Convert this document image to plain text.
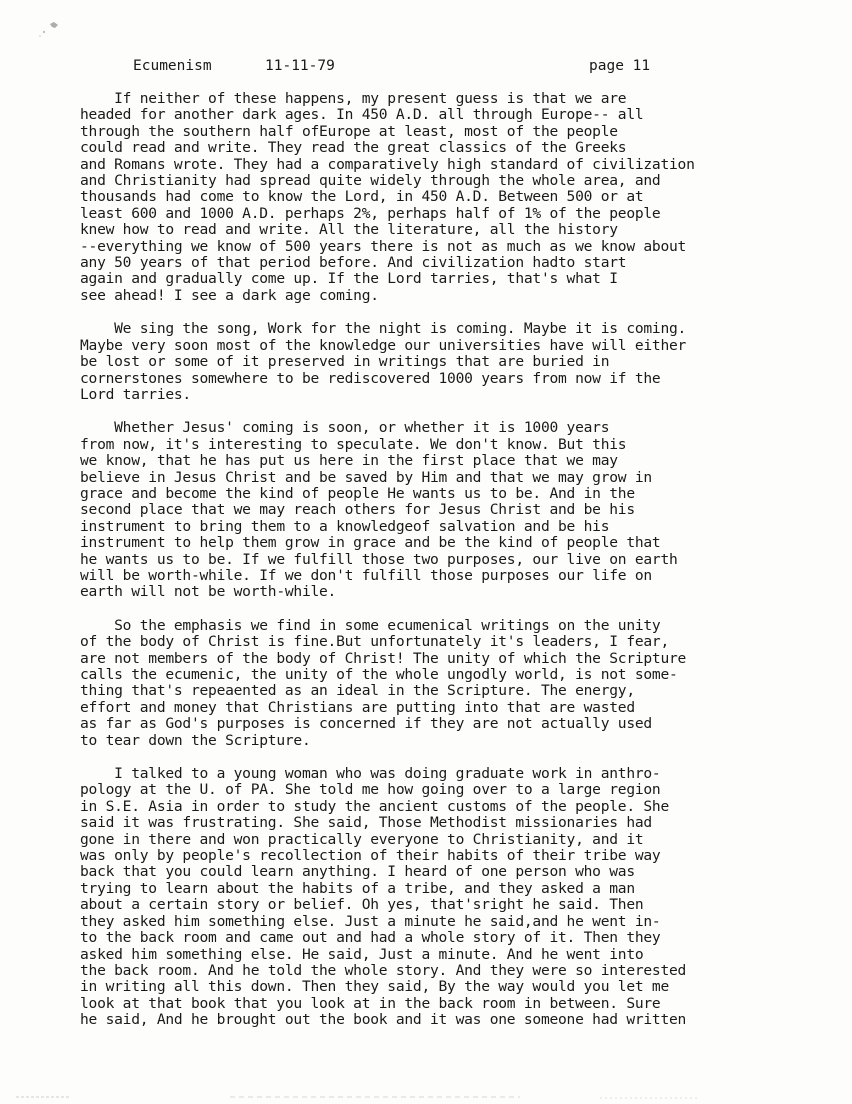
Ecumenism

	11-11-79

	page 11

If neither of these happens, my present guess is that we are
headed for another dark ages. In 450 A.D. all through Europe-- all
through the southern half ofEurope at least, most of the people
could read and write. They read the great classics of the Greeks
and Romans wrote. They had a comparatively high standard of civilization
and Christianity had spread quite widely through the whole area, and
thousands had come to know the Lord, in 450 A.D. Between 500 or at
least 600 and 1000 A.D. perhaps 2%, perhaps half of 1% of the people
knew how to read and write. All the literature, all the history
--everything we know of 500 years there is not as much as we know about
any 50 years of that period before. And civilization hadto start
again and gradually come up. If the Lord tarries, that's what I
see ahead! I see a dark age coming.
We sing the song, Work for the night is coming. Maybe it is coming.
Maybe very soon most of the knowledge our universities have will either
be lost or some of it preserved in writings that are buried in
cornerstones somewhere to be rediscovered 1000 years from now if the
Lord tarries.
Whether Jesus' coming is soon, or whether it is 1000 years
from now, it's interesting to speculate. We don't know. But this
we know, that he has put us here in the first place that we may
believe in Jesus Christ and be saved by Him and that we may grow in
grace and become the kind of people He wants us to be. And in the
second place that we may reach others for Jesus Christ and be his
instrument to bring them to a knowledgeof salvation and be his
instrument to help them grow in grace and be the kind of people that
he wants us to be. If we fulfill those two purposes, our live on earth
will be worth-while. If we don't fulfill those purposes our life on
earth will not be worth-while.
So the emphasis we find in some ecumenical writings on the unity
of the body of Christ is fine.But unfortunately it's leaders, I fear,
are not members of the body of Christ! The unity of which the Scripture
calls the ecumenic, the unity of the whole ungodly world, is not some-
thing that's repeaented as an ideal in the Scripture. The energy,
effort and money that Christians are putting into that are wasted
as far as God's purposes is concerned if they are not actually used
to tear down the Scripture.
I talked to a young woman who was doing graduate work in anthro-
pology at the U. of PA. She told me how going over to a large region
in S.E. Asia in order to study the ancient customs of the people. She
said it was frustrating. She said, Those Methodist missionaries had
gone in there and won practically everyone to Christianity, and it
was only by people's recollection of their habits of their tribe way
back that you could learn anything. I heard of one person who was
trying to learn about the habits of a tribe, and they asked a man
about a certain story or belief. Oh yes, that'sright he said. Then
they asked him something else. Just a minute he said,and he went in-
to the back room and came out and had a whole story of it. Then they
asked him something else. He said, Just a minute. And he went into
the back room. And he told the whole story. And they were so interested
in writing all this down. Then they said, By the way would you let me
look at that book that you look at in the back room in between. Sure
he said, And he brought out the book and it was one someone had written
